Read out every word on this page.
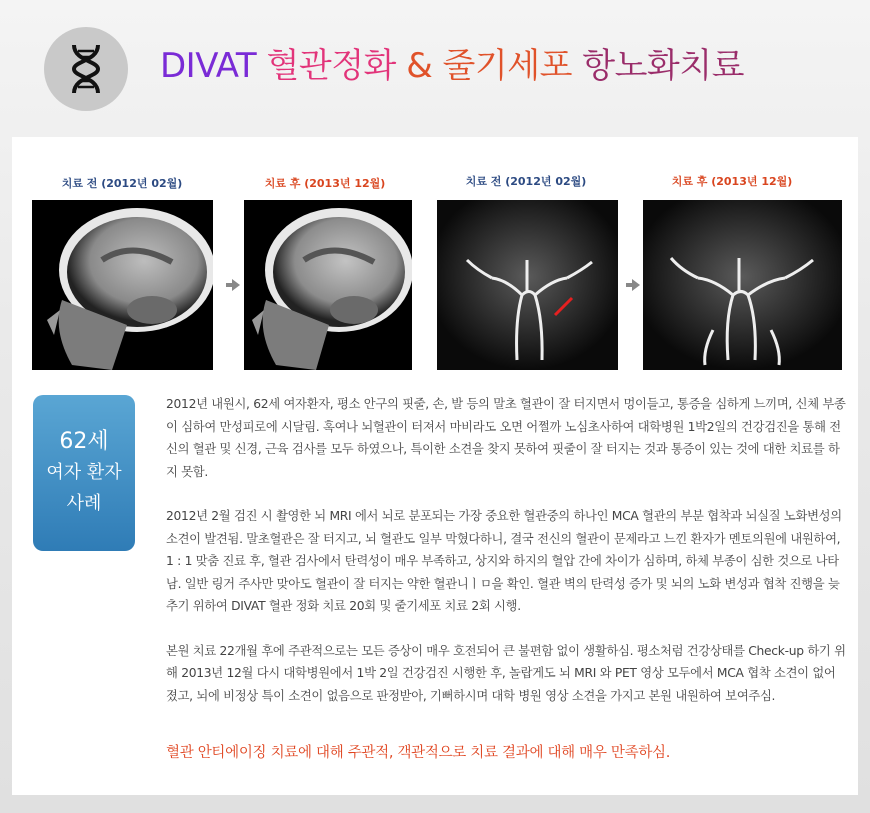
DIVAT 혈관정화 & 줄기세포 항노화치료
치료 전 (2012년 02월)	치료 후 (2013년 12월)	치료 전 (2012년 02월)	치료 후 (2013년 12월)
62세
여자 환자
사례

2012년 내원시, 62세 여자환자, 평소 안구의 핏줄, 손, 발 등의 말초 혈관이 잘 터지면서 멍이들고, 통증을 심하게 느끼며, 신체 부종이 심하여 만성피로에 시달림. 혹여나 뇌혈관이 터져서 마비라도 오면 어쩔까 노심초사하여 대학병원 1박2일의 건강검진을 통해 전신의 혈관 및 신경, 근육 검사를 모두 하였으나, 특이한 소견을 찾지 못하여 핏줄이 잘 터지는 것과 통증이 있는 것에 대한 치료를 하지 못함.

2012년 2월 검진 시 촬영한 뇌 MRI 에서 뇌로 분포되는 가장 중요한 혈관중의 하나인 MCA 혈관의 부분 협착과 뇌실질 노화변성의 소견이 발견됨. 말초혈관은 잘 터지고, 뇌 혈관도 일부 막혔다하니, 결국 전신의 혈관이 문제라고 느낀 환자가 멘토의원에 내원하여, 1 : 1 맞춤 진료 후, 혈관 검사에서 탄력성이 매우 부족하고, 상지와 하지의 혈압 간에 차이가 심하며, 하체 부종이 심한 것으로 나타남. 일반 링거 주사만 맞아도 혈관이 잘 터지는 약한 혈관니ㅣㅁ을 확인. 혈관 벽의 탄력성 증가 및 뇌의 노화 변성과 협착 진행을 늦추기 위하여 DIVAT 혈관 정화 치료 20회 및 줄기세포 치료 2회 시행.

본원 치료 22개월 후에 주관적으로는 모든 증상이 매우 호전되어 큰 불편함 없이 생활하심. 평소처럼 건강상태를 Check-up 하기 위해 2013년 12월 다시 대학병원에서 1박 2일 건강검진 시행한 후, 놀랍게도 뇌 MRI 와 PET 영상 모두에서 MCA 협착 소견이 없어졌고, 뇌에 비정상 특이 소견이 없음으로 판정받아, 기뻐하시며 대학 병원 영상 소견을 가지고 본원 내원하여 보여주심.

혈관 안티에이징 치료에 대해 주관적, 객관적으로 치료 결과에 대해 매우 만족하심.
